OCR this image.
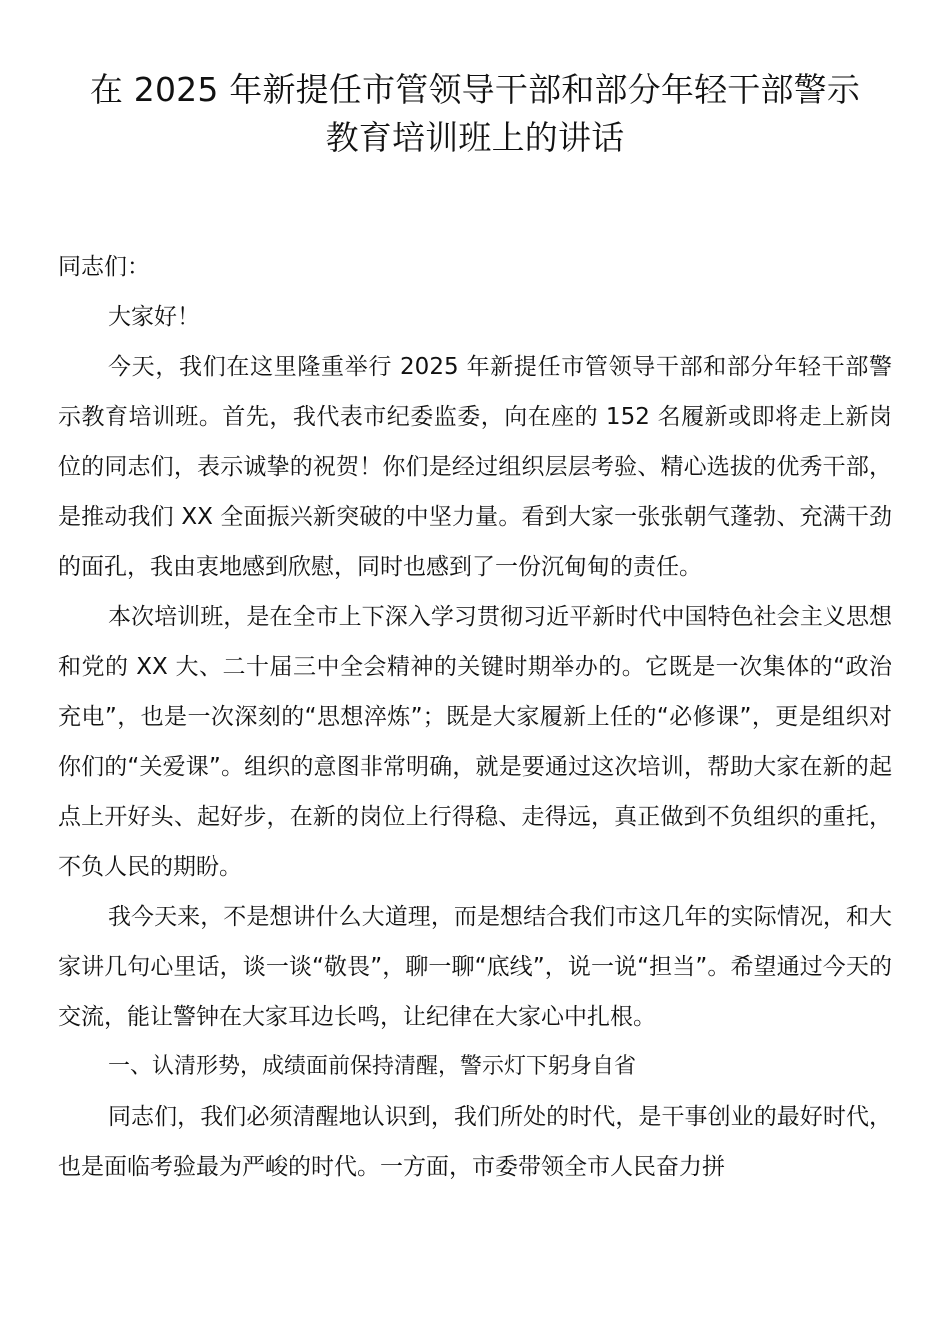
在 2025 年新提任市管领导干部和部分年轻干部警示
教育培训班上的讲话

同志们：

大家好！

今天，我们在这里隆重举行 2025 年新提任市管领导干部和部分年轻干部警示教育培训班。首先，我代表市纪委监委，向在座的 152 名履新或即将走上新岗位的同志们，表示诚挚的祝贺！你们是经过组织层层考验、精心选拔的优秀干部，是推动我们 XX 全面振兴新突破的中坚力量。看到大家一张张朝气蓬勃、充满干劲的面孔，我由衷地感到欣慰，同时也感到了一份沉甸甸的责任。

本次培训班，是在全市上下深入学习贯彻习近平新时代中国特色社会主义思想和党的 XX 大、二十届三中全会精神的关键时期举办的。它既是一次集体的“政治充电”，也是一次深刻的“思想淬炼”；既是大家履新上任的“必修课”，更是组织对你们的“关爱课”。组织的意图非常明确，就是要通过这次培训，帮助大家在新的起点上开好头、起好步，在新的岗位上行得稳、走得远，真正做到不负组织的重托，不负人民的期盼。

我今天来，不是想讲什么大道理，而是想结合我们市这几年的实际情况，和大家讲几句心里话，谈一谈“敬畏”，聊一聊“底线”，说一说“担当”。希望通过今天的交流，能让警钟在大家耳边长鸣，让纪律在大家心中扎根。

一、认清形势，成绩面前保持清醒，警示灯下躬身自省

同志们，我们必须清醒地认识到，我们所处的时代，是干事创业的最好时代，也是面临考验最为严峻的时代。一方面，市委带领全市人民奋力拼
